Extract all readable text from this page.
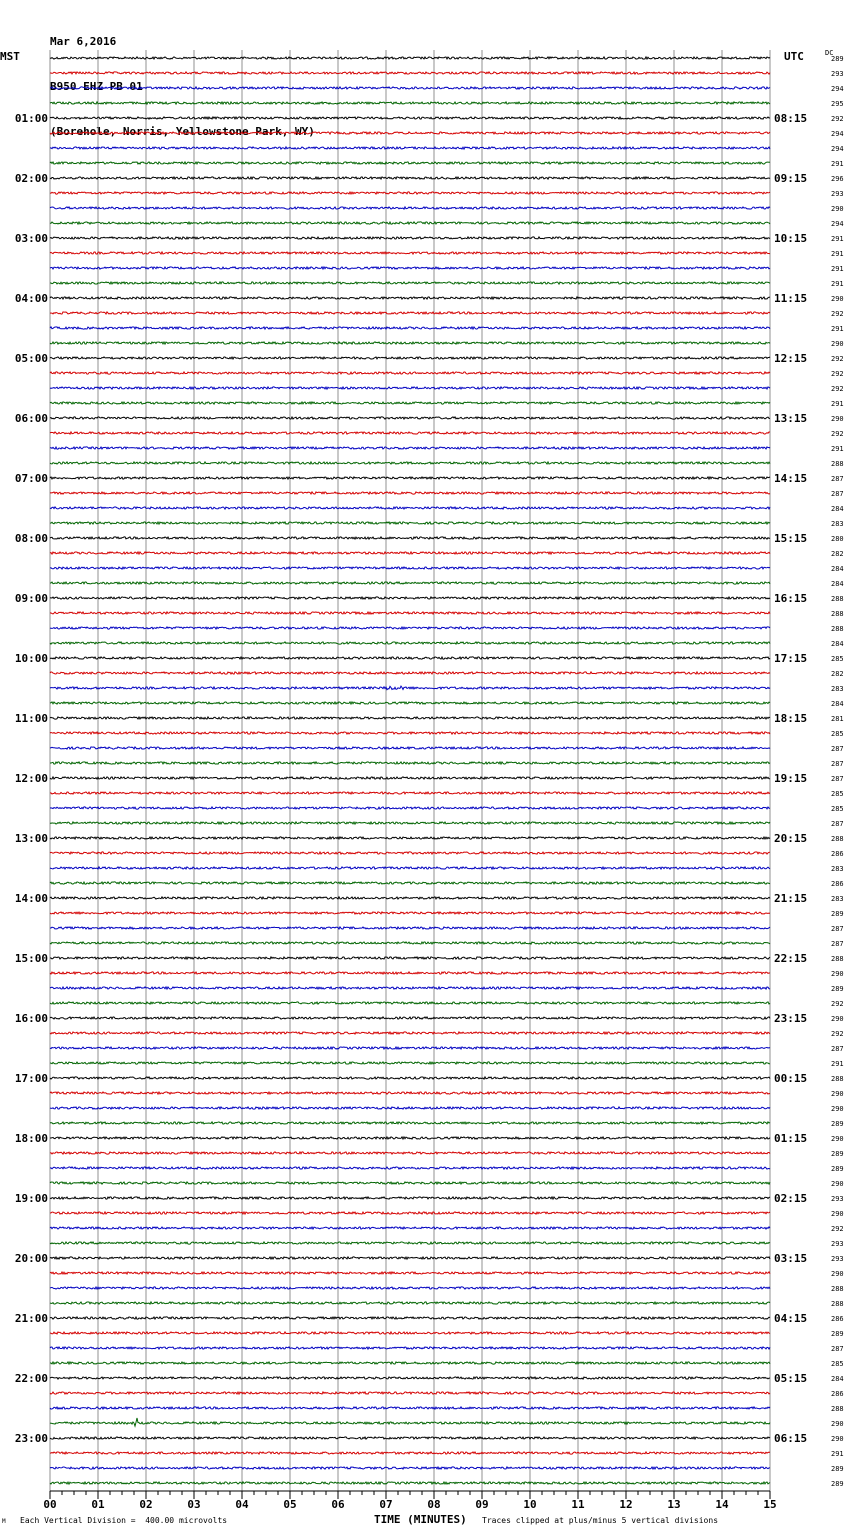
Mar 6,2016

B950 EHZ PB 01

(Borehole, Norris, Yellowstone Park, WY)

MST	UTC	DC
00	01	02	03	04	05	06	07	08	09	10	11	12	13	14	15
289
293
294
295
292
01:00	08:15
294
294
291
296
02:00	09:15
293
290
294
291
03:00	10:15
291
291
291
290
04:00	11:15
292
291
290
292
05:00	12:15
292
292
291
290
06:00	13:15
292
291
288
287
07:00	14:15
287
284
283
280
08:00	15:15
282
284
284
288
09:00	16:15
288
288
284
285
10:00	17:15
282
283
284
281
11:00	18:15
285
287
287
287
12:00	19:15
285
285
287
288
13:00	20:15
286
283
286
283
14:00	21:15
289
287
287
288
15:00	22:15
290
289
292
290
16:00	23:15
292
287
291
288
17:00	00:15
290
290
289
290
18:00	01:15
289
289
290
293
19:00	02:15
290
292
293
293
20:00	03:15
290
288
288
286
21:00	04:15
289
287
285
284
22:00	05:15
286
288
290
290
23:00	06:15
291
289
289
M Each Vertical Division =  400.00 microvolts	TIME (MINUTES) Traces clipped at plus/minus 5 vertical divisions
